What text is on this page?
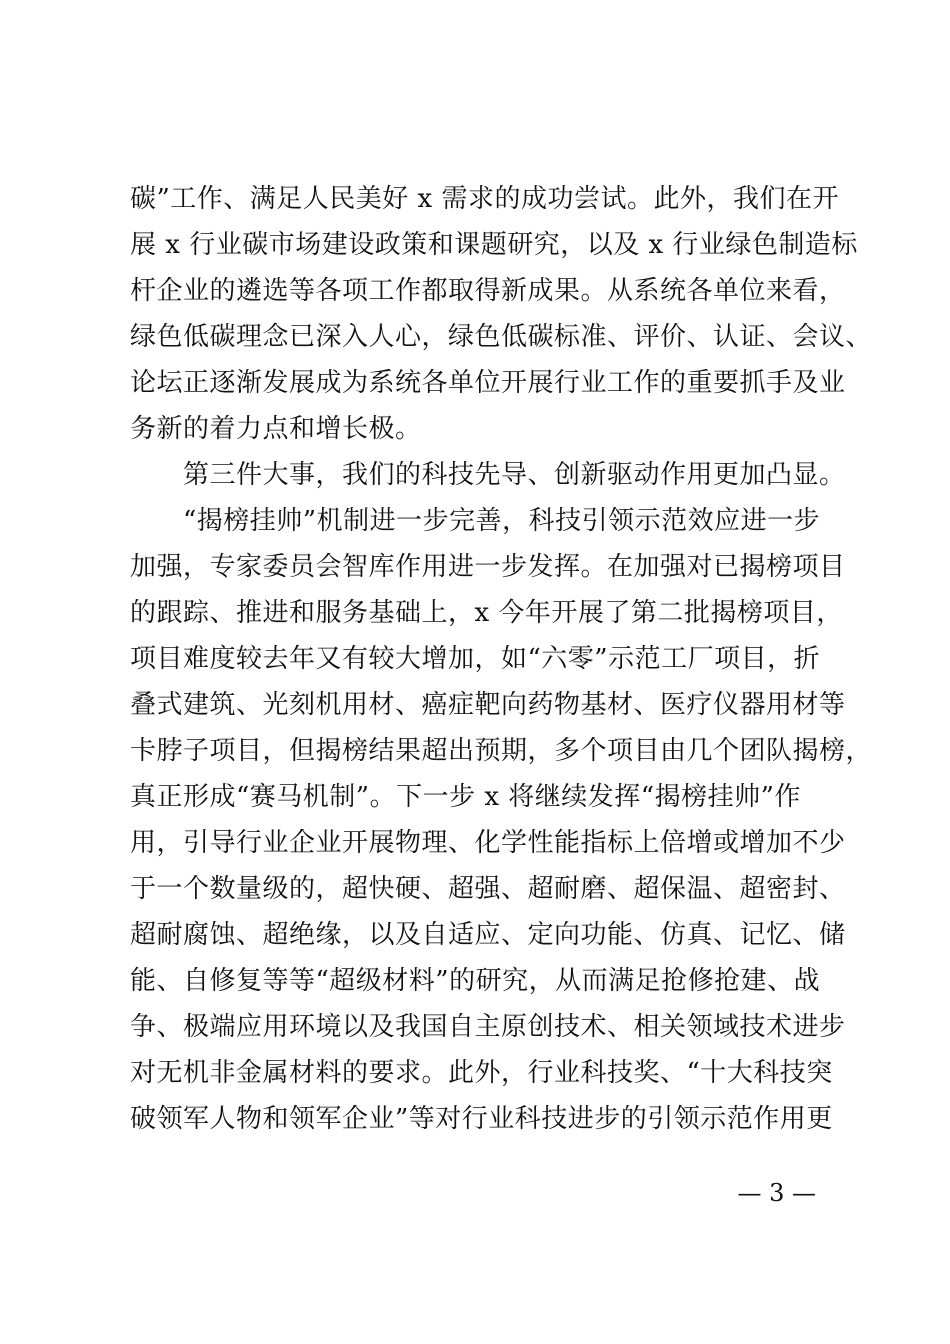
碳”工作、满足人民美好 x 需求的成功尝试。此外，我们在开
展 x 行业碳市场建设政策和课题研究，以及 x 行业绿色制造标
杆企业的遴选等各项工作都取得新成果。从系统各单位来看，
绿色低碳理念已深入人心，绿色低碳标准、评价、认证、会议、
论坛正逐渐发展成为系统各单位开展行业工作的重要抓手及业
务新的着力点和增长极。
　　第三件大事，我们的科技先导、创新驱动作用更加凸显。
　　“揭榜挂帅”机制进一步完善，科技引领示范效应进一步
加强，专家委员会智库作用进一步发挥。在加强对已揭榜项目
的跟踪、推进和服务基础上，x 今年开展了第二批揭榜项目，
项目难度较去年又有较大增加，如“六零”示范工厂项目，折
叠式建筑、光刻机用材、癌症靶向药物基材、医疗仪器用材等
卡脖子项目，但揭榜结果超出预期，多个项目由几个团队揭榜，
真正形成“赛马机制”。下一步 x 将继续发挥“揭榜挂帅”作
用，引导行业企业开展物理、化学性能指标上倍增或增加不少
于一个数量级的，超快硬、超强、超耐磨、超保温、超密封、
超耐腐蚀、超绝缘，以及自适应、定向功能、仿真、记忆、储
能、自修复等等“超级材料”的研究，从而满足抢修抢建、战
争、极端应用环境以及我国自主原创技术、相关领域技术进步
对无机非金属材料的要求。此外，行业科技奖、“十大科技突
破领军人物和领军企业”等对行业科技进步的引领示范作用更
— 3 —
